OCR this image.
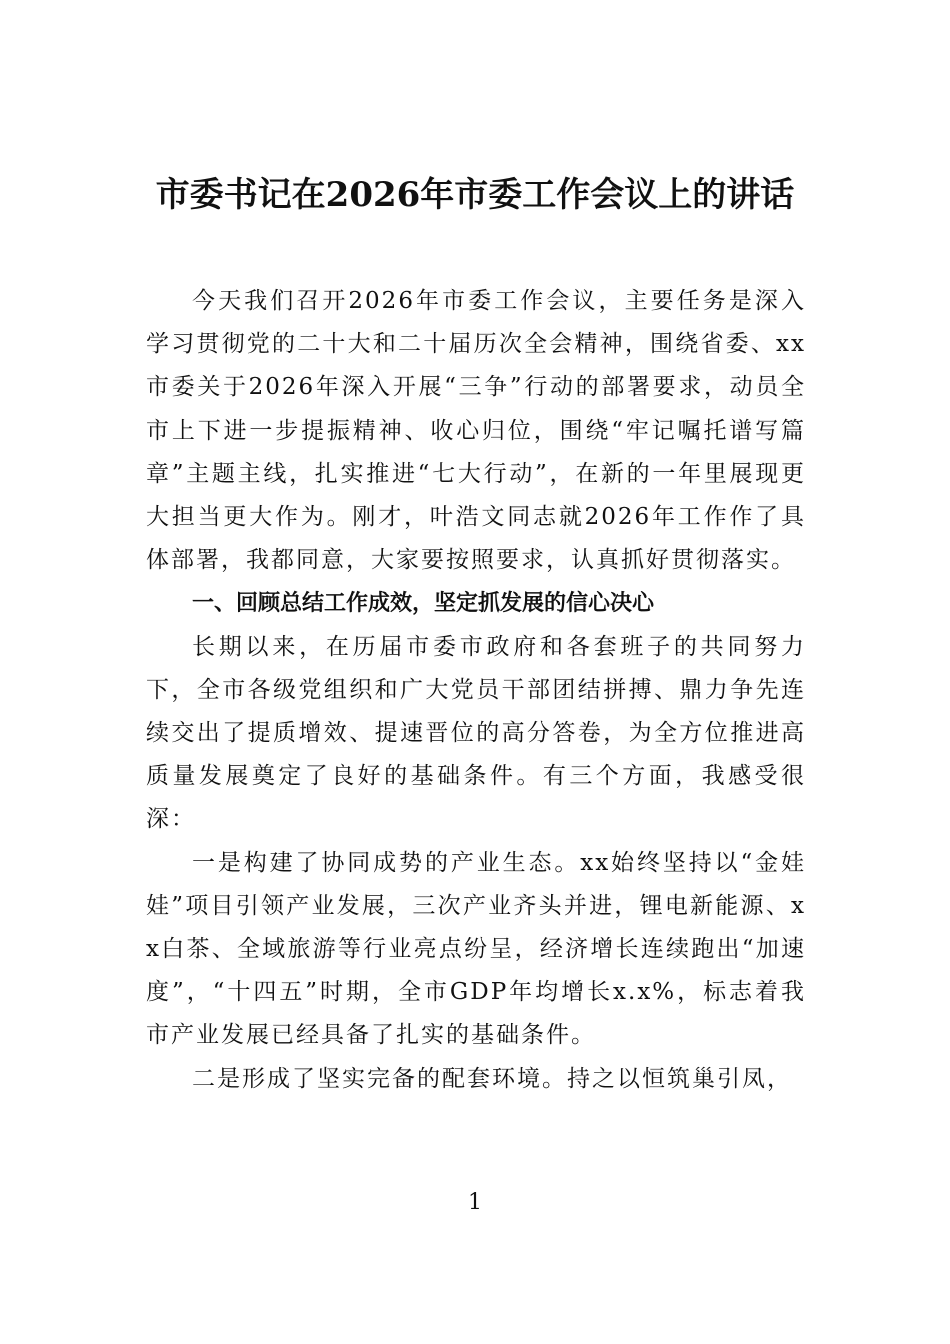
市委书记在2026年市委工作会议上的讲话

今天我们召开2026年市委工作会议，主要任务是深入学习贯彻党的二十大和二十届历次全会精神，围绕省委、xx市委关于2026年深入开展“三争”行动的部署要求，动员全市上下进一步提振精神、收心归位，围绕“牢记嘱托谱写篇章”主题主线，扎实推进“七大行动”，在新的一年里展现更大担当更大作为。刚才，叶浩文同志就2026年工作作了具体部署，我都同意，大家要按照要求，认真抓好贯彻落实。

一、回顾总结工作成效，坚定抓发展的信心决心

长期以来，在历届市委市政府和各套班子的共同努力下，全市各级党组织和广大党员干部团结拼搏、鼎力争先连续交出了提质增效、提速晋位的高分答卷，为全方位推进高质量发展奠定了良好的基础条件。有三个方面，我感受很深：

一是构建了协同成势的产业生态。xx始终坚持以“金娃娃”项目引领产业发展，三次产业齐头并进，锂电新能源、xx白茶、全域旅游等行业亮点纷呈，经济增长连续跑出“加速度”，“十四五”时期，全市GDP年均增长x.x%，标志着我市产业发展已经具备了扎实的基础条件。

二是形成了坚实完备的配套环境。持之以恒筑巢引凤，

1
